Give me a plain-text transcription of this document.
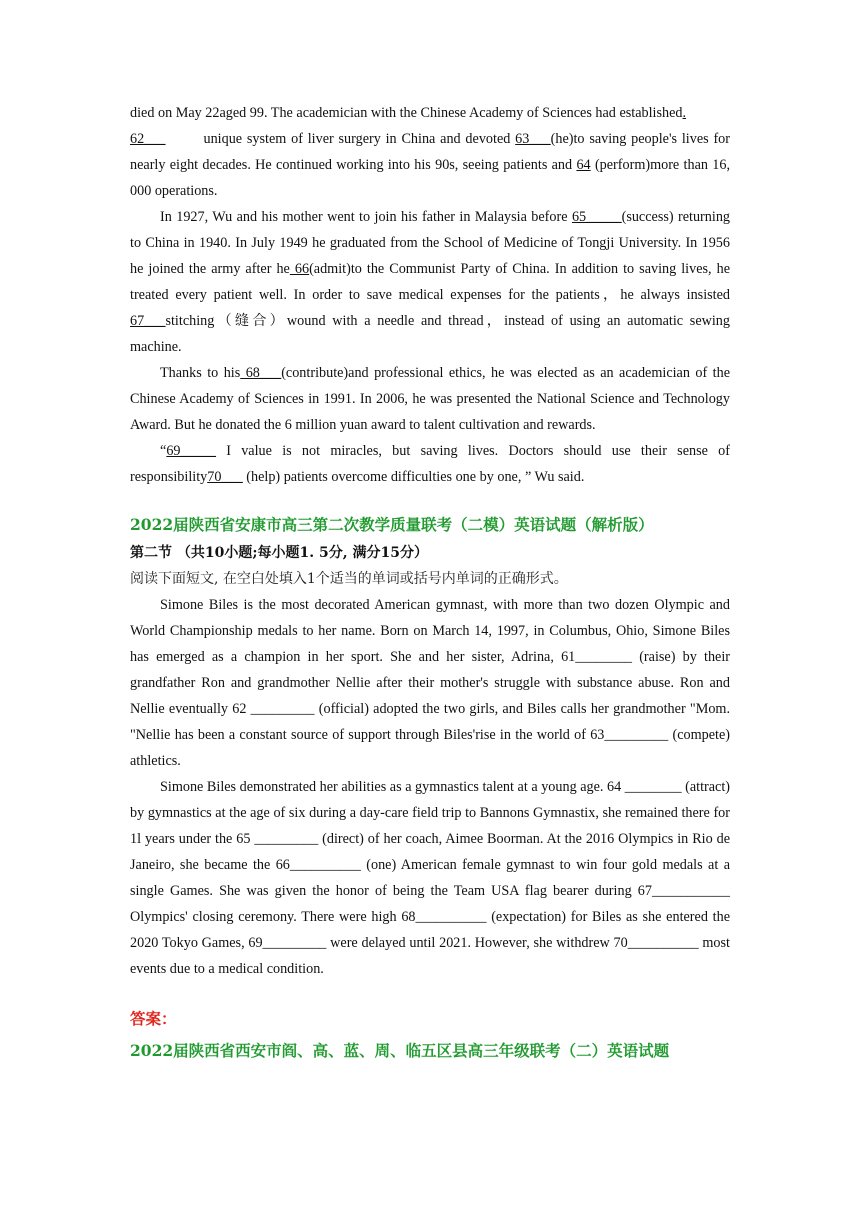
died on May 22aged 99. The academician with the Chinese Academy of Sciences had established.
62___	unique system of liver surgery in China and devoted 63___(he)to saving people's lives for nearly eight decades. He continued working into his 90s, seeing patients and 64 (perform)more than 16, 000 operations.

In 1927, Wu and his mother went to join his father in Malaysia before 65_____(success) returning to China in 1940. In July 1949 he graduated from the School of Medicine of Tongji University. In 1956 he joined the army after he 66(admit)to the Communist Party of China. In addition to saving lives, he treated every patient well. In order to save medical expenses for the patients，he always insisted 67___stitching（缝合）wound with a needle and thread，instead of using an automatic sewing machine.

Thanks to his 68___(contribute)and professional ethics, he was elected as an academician of the Chinese Academy of Sciences in 1991. In 2006, he was presented the National Science and Technology Award. But he donated the 6 million yuan award to talent cultivation and rewards.

“69_____ I value is not miracles, but saving lives. Doctors should use their sense of responsibility70___ (help) patients overcome difficulties one by one, ” Wu said.

2022届陕西省安康市高三第二次教学质量联考（二模）英语试题（解析版）
第二节 （共10小题;每小题1. 5分, 满分15分）
阅读下面短文, 在空白处填入1个适当的单词或括号内单词的正确形式。

Simone Biles is the most decorated American gymnast, with more than two dozen Olympic and World Championship medals to her name. Born on March 14, 1997, in Columbus, Ohio, Simone Biles has emerged as a champion in her sport. She and her sister, Adrina, 61________ (raise) by their grandfather Ron and grandmother Nellie after their mother's struggle with substance abuse. Ron and Nellie eventually 62 _________ (official) adopted the two girls, and Biles calls her grandmother "Mom. "Nellie has been a constant source of support through Biles'rise in the world of 63_________ (compete) athletics.

Simone Biles demonstrated her abilities as a gymnastics talent at a young age. 64 ________ (attract) by gymnastics at the age of six during a day-care field trip to Bannons Gymnastix, she remained there for 1l years under the 65 _________ (direct) of her coach, Aimee Boorman. At the 2016 Olympics in Rio de Janeiro, she became the 66__________ (one) American female gymnast to win four gold medals at a single Games. She was given the honor of being the Team USA flag bearer during 67___________ Olympics' closing ceremony. There were high 68__________ (expectation) for Biles as she entered the 2020 Tokyo Games, 69_________ were delayed until 2021. However, she withdrew 70__________ most events due to a medical condition.

答案：
2022届陕西省西安市阎、高、蓝、周、临五区县高三年级联考（二）英语试题
